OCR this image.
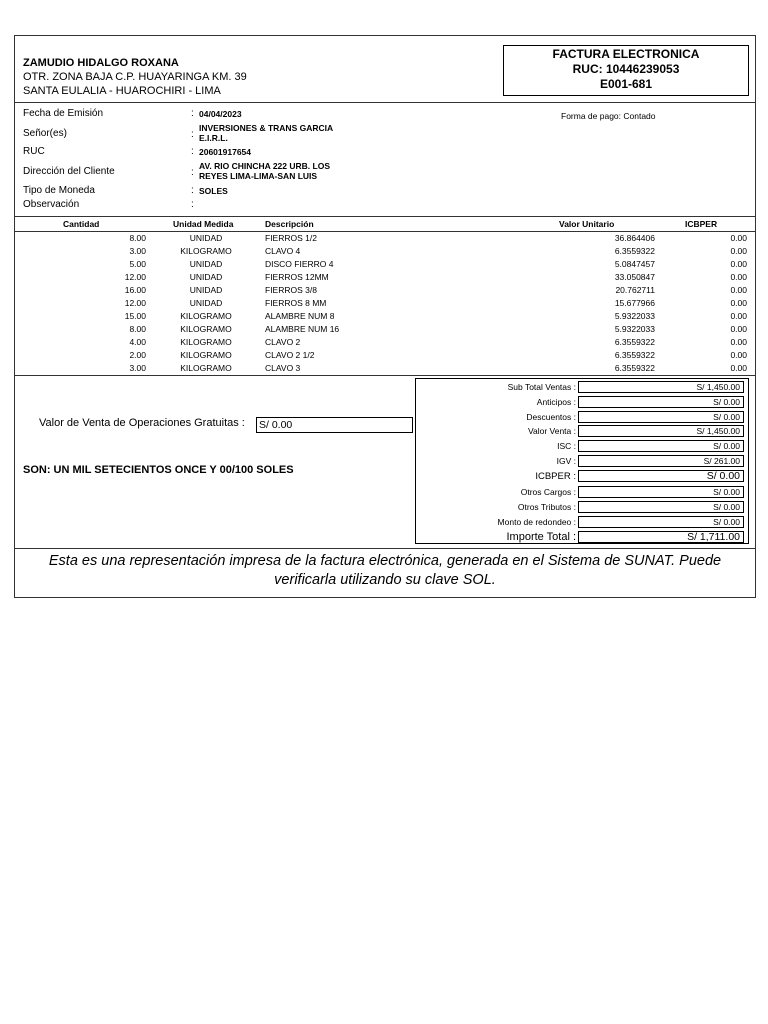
ZAMUDIO HIDALGO ROXANA
OTR. ZONA BAJA C.P. HUAYARINGA KM. 39
SANTA EULALIA - HUAROCHIRI - LIMA
FACTURA ELECTRONICA
RUC: 10446239053
E001-681
Fecha de Emisión	: 04/04/2023	Forma de pago: Contado
Señor(es)	:
INVERSIONES & TRANS GARCIA
E.I.R.L.
RUC	: 20601917654
Dirección del Cliente	:
AV. RIO CHINCHA 222 URB. LOS
REYES LIMA-LIMA-SAN LUIS
Tipo de Moneda	: SOLES
Observación	:
Cantidad	Unidad Medida	Descripción	Valor Unitario	ICBPER
8.00	UNIDAD	FIERROS 1/2	36.864406	0.00
3.00	KILOGRAMO	CLAVO 4	6.3559322	0.00
5.00	UNIDAD	DISCO FIERRO 4	5.0847457	0.00
12.00	UNIDAD	FIERROS 12MM	33.050847	0.00
16.00	UNIDAD	FIERROS 3/8	20.762711	0.00
12.00	UNIDAD	FIERROS 8 MM	15.677966	0.00
15.00	KILOGRAMO	ALAMBRE NUM 8	5.9322033	0.00
8.00	KILOGRAMO	ALAMBRE NUM 16	5.9322033	0.00
4.00	KILOGRAMO	CLAVO 2	6.3559322	0.00
2.00	KILOGRAMO	CLAVO 2 1/2	6.3559322	0.00
3.00	KILOGRAMO	CLAVO 3	6.3559322	0.00
Valor de Venta de Operaciones Gratuitas : S/ 0.00
SON: UN MIL SETECIENTOS ONCE Y 00/100 SOLES
Sub Total Ventas :	S/ 1,450.00
Anticipos :	S/ 0.00
Descuentos :	S/ 0.00
Valor Venta :	S/ 1,450.00
ISC :	S/ 0.00
IGV :	S/ 261.00
ICBPER :	S/ 0.00
Otros Cargos :	S/ 0.00
Otros Tributos :	S/ 0.00
Monto de redondeo :	S/ 0.00
Importe Total :	S/ 1,711.00
Esta es una representación impresa de la factura electrónica, generada en el Sistema de SUNAT. Puede verificarla utilizando su clave SOL.
